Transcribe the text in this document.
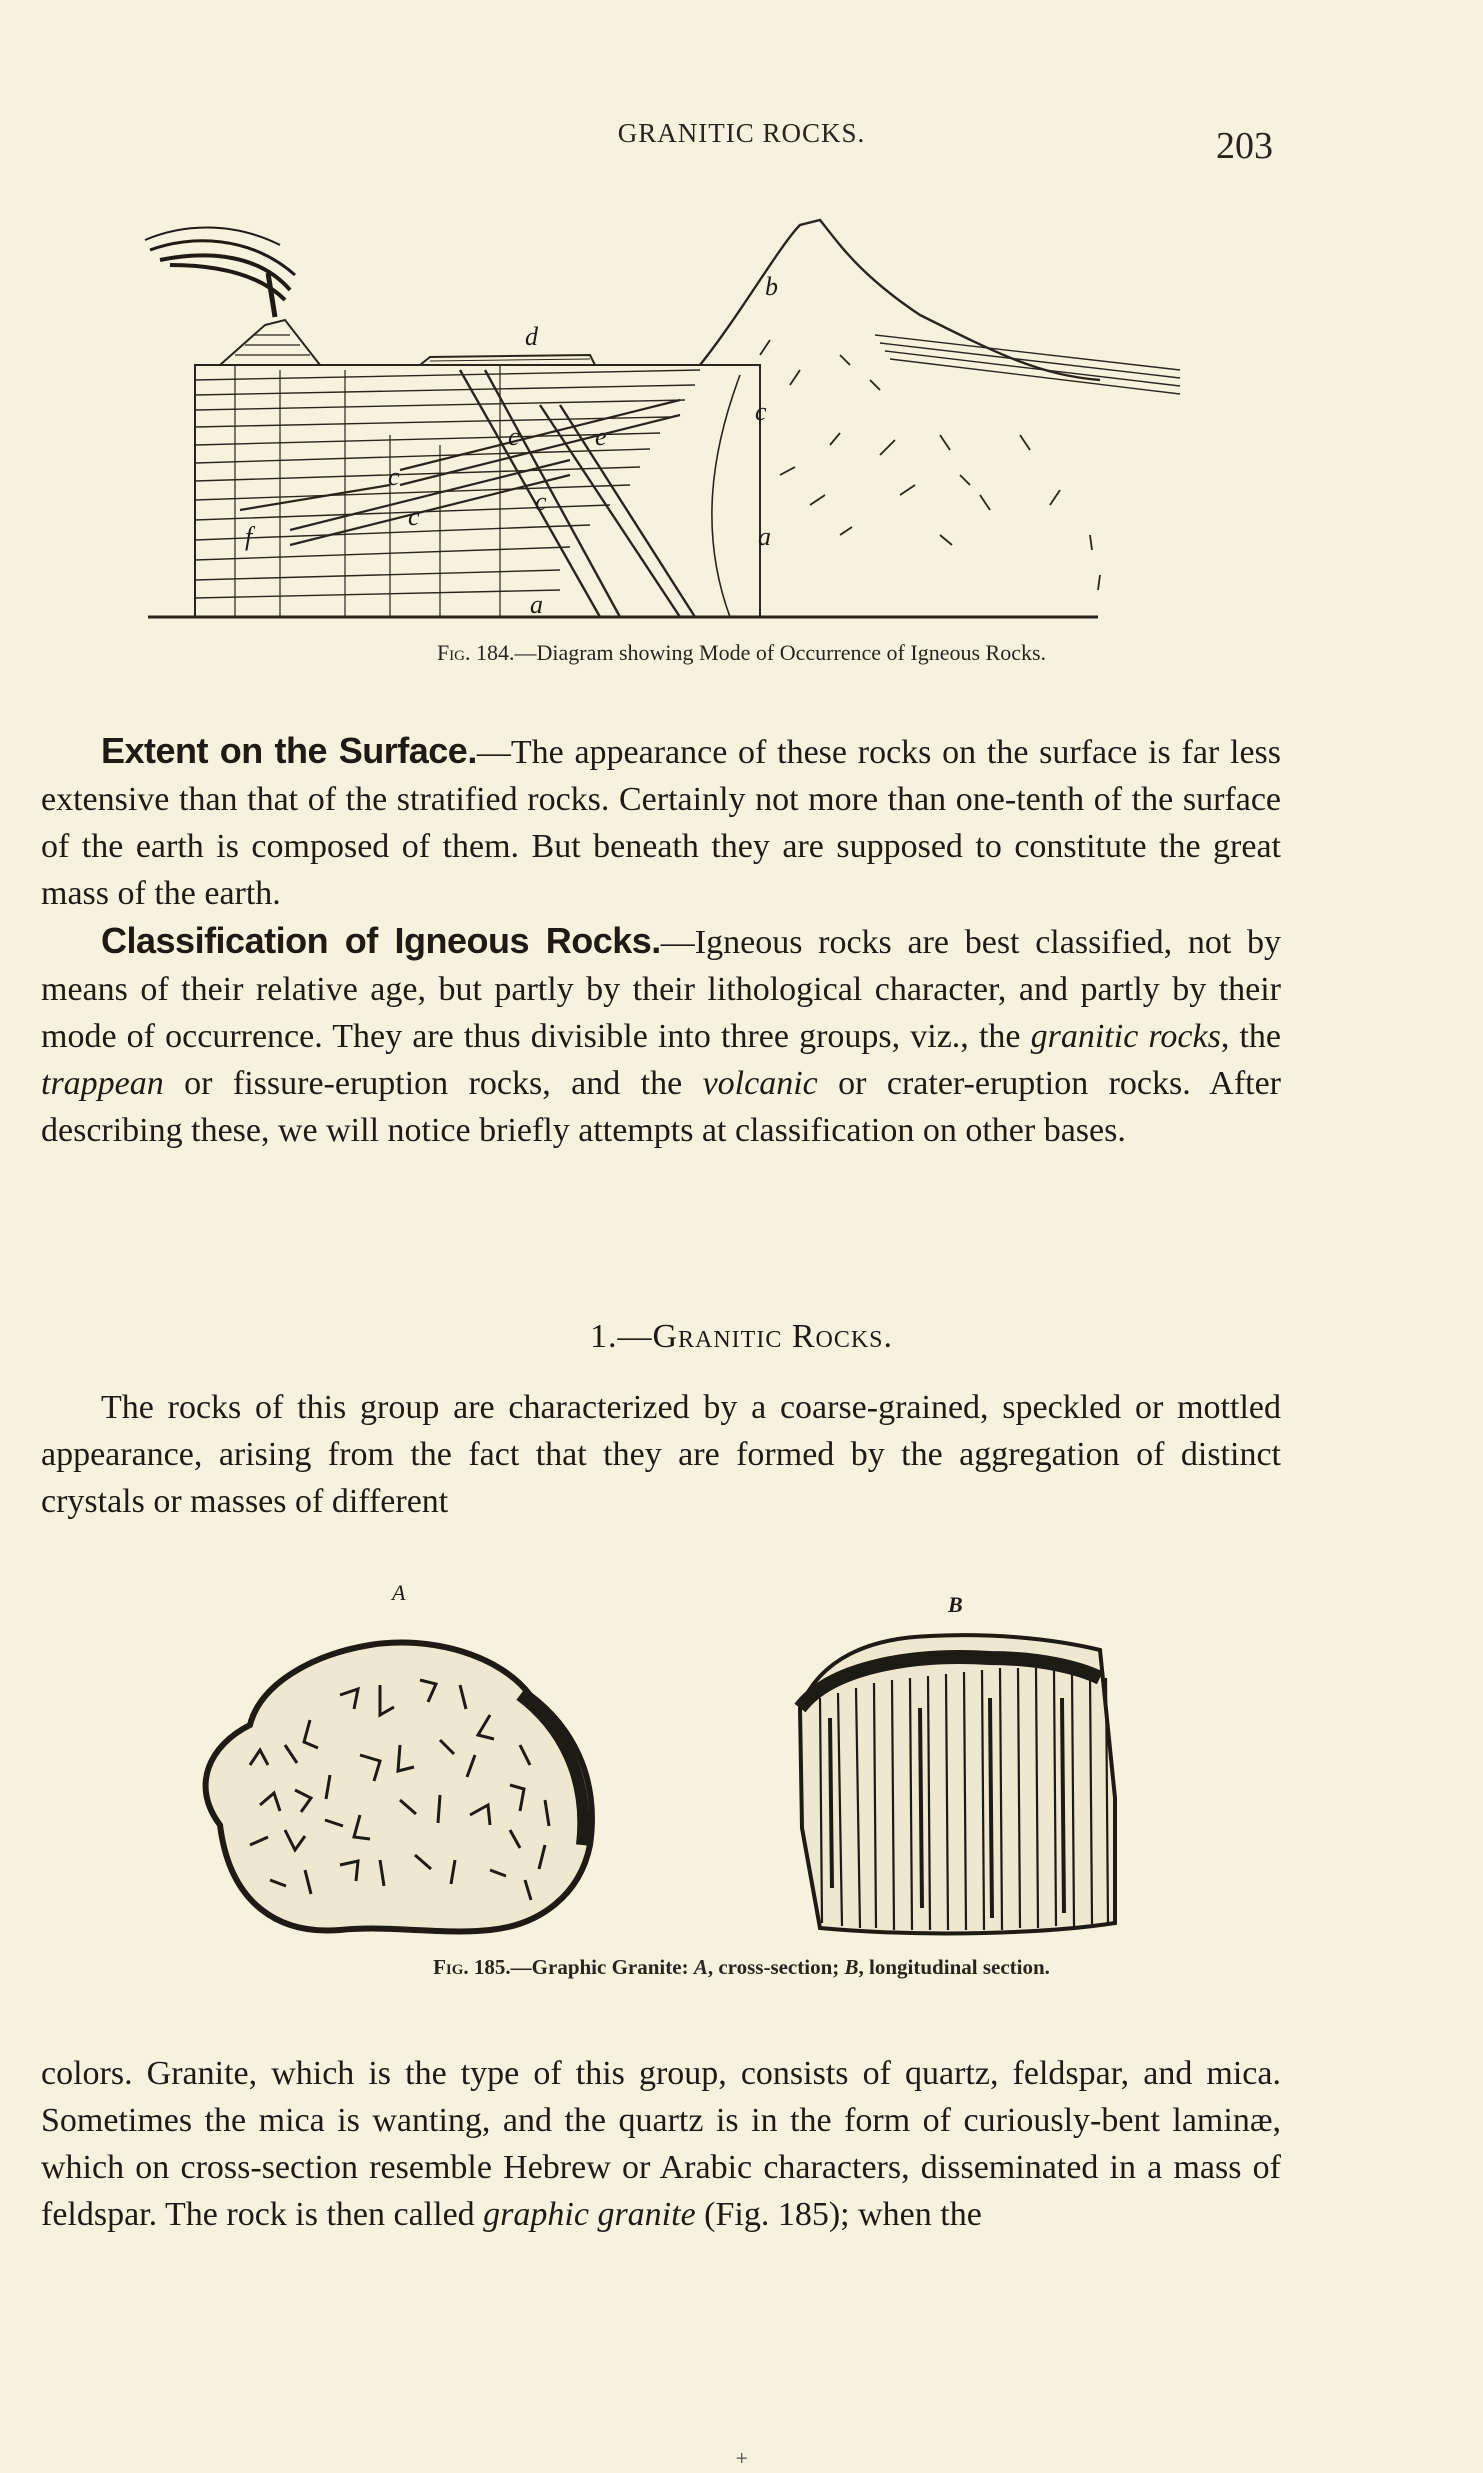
GRANITIC ROCKS.	203
d
b
c
c
c
c
c
e
f	a
a
Fig. 184.—Diagram showing Mode of Occurrence of Igneous Rocks.

Extent on the Surface.—The appearance of these rocks on the surface is far less extensive than that of the stratified rocks. Certainly not more than one-tenth of the surface of the earth is composed of them. But beneath they are supposed to constitute the great mass of the earth.

Classification of Igneous Rocks.—Igneous rocks are best classified, not by means of their relative age, but partly by their lithological character, and partly by their mode of occurrence. They are thus divisible into three groups, viz., the granitic rocks, the trappean or fissure-eruption rocks, and the volcanic or crater-eruption rocks. After describing these, we will notice briefly attempts at classification on other bases.

1.—Granitic Rocks.

The rocks of this group are characterized by a coarse-grained, speckled or mottled appearance, arising from the fact that they are formed by the aggregation of distinct crystals or masses of different

A	B
Fig. 185.—Graphic Granite: A, cross-section; B, longitudinal section.

colors. Granite, which is the type of this group, consists of quartz, feldspar, and mica. Sometimes the mica is wanting, and the quartz is in the form of curiously-bent laminæ, which on cross-section resemble Hebrew or Arabic characters, disseminated in a mass of feldspar. The rock is then called graphic granite (Fig. 185); when the

+
